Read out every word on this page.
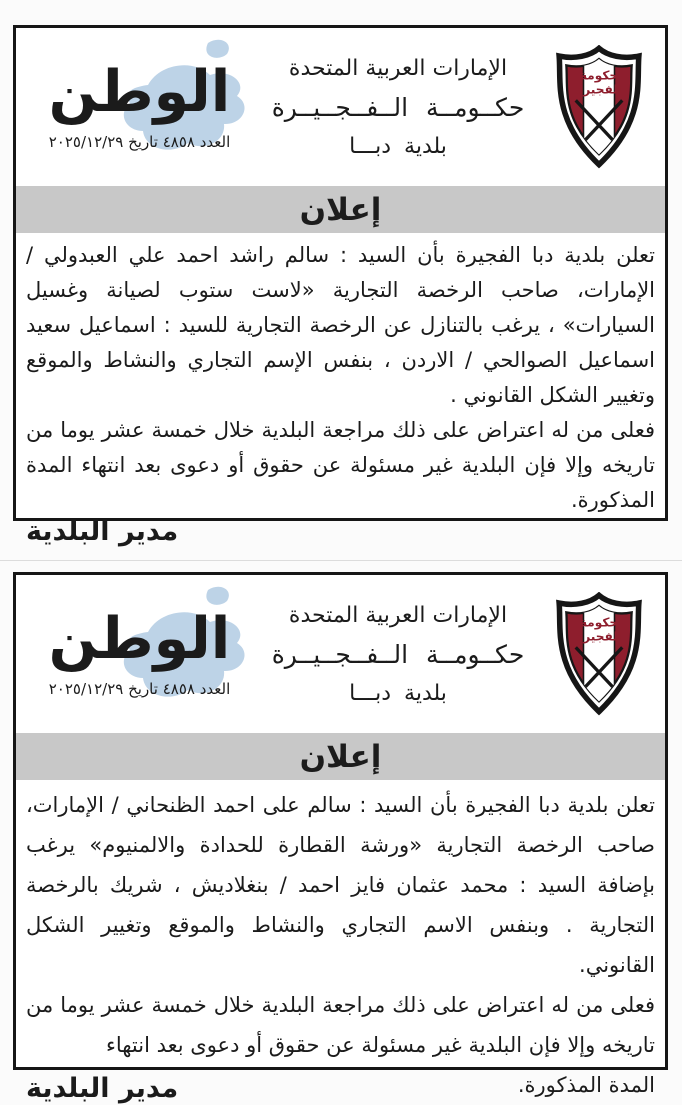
حكومة
الفجيرة
الإمارات العربية المتحدة
حكــومــة الــفــجــيــرة
بلدية دبـــا
الوطن
العدد ٤٨٥٨ تاريخ ٢٠٢٥/١٢/٢٩
إعلان

تعلن بلدية دبا الفجيرة بأن السيد : سالم راشد احمد علي العبدولي / الإمارات، صاحب الرخصة التجارية «لاست ستوب لصيانة وغسيل السيارات» ، يرغب بالتنازل عن الرخصة التجارية للسيد : اسماعيل سعيد اسماعيل الصوالحي / الاردن ، بنفس الإسم التجاري والنشاط والموقع وتغيير الشكل القانوني .

فعلى من له اعتراض على ذلك مراجعة البلدية خلال خمسة عشر يوما من تاريخه وإلا فإن البلدية غير مسئولة عن حقوق أو دعوى بعد انتهاء المدة المذكورة.

مدير البلدية
حكومة
الفجيرة
الإمارات العربية المتحدة
حكــومــة الــفــجــيــرة
بلدية دبـــا
الوطن
العدد ٤٨٥٨ تاريخ ٢٠٢٥/١٢/٢٩
إعلان

تعلن بلدية دبا الفجيرة بأن السيد : سالم على احمد الظنحاني / الإمارات، صاحب الرخصة التجارية «ورشة القطارة للحدادة والالمنيوم» يرغب بإضافة السيد : محمد عثمان فايز احمد / بنغلاديش ، شريك بالرخصة التجارية . وبنفس الاسم التجاري والنشاط والموقع وتغيير الشكل القانوني.

فعلى من له اعتراض على ذلك مراجعة البلدية خلال خمسة عشر يوما من تاريخه وإلا فإن البلدية غير مسئولة عن حقوق أو دعوى بعد انتهاء

المدة المذكورة.
مدير البلدية
